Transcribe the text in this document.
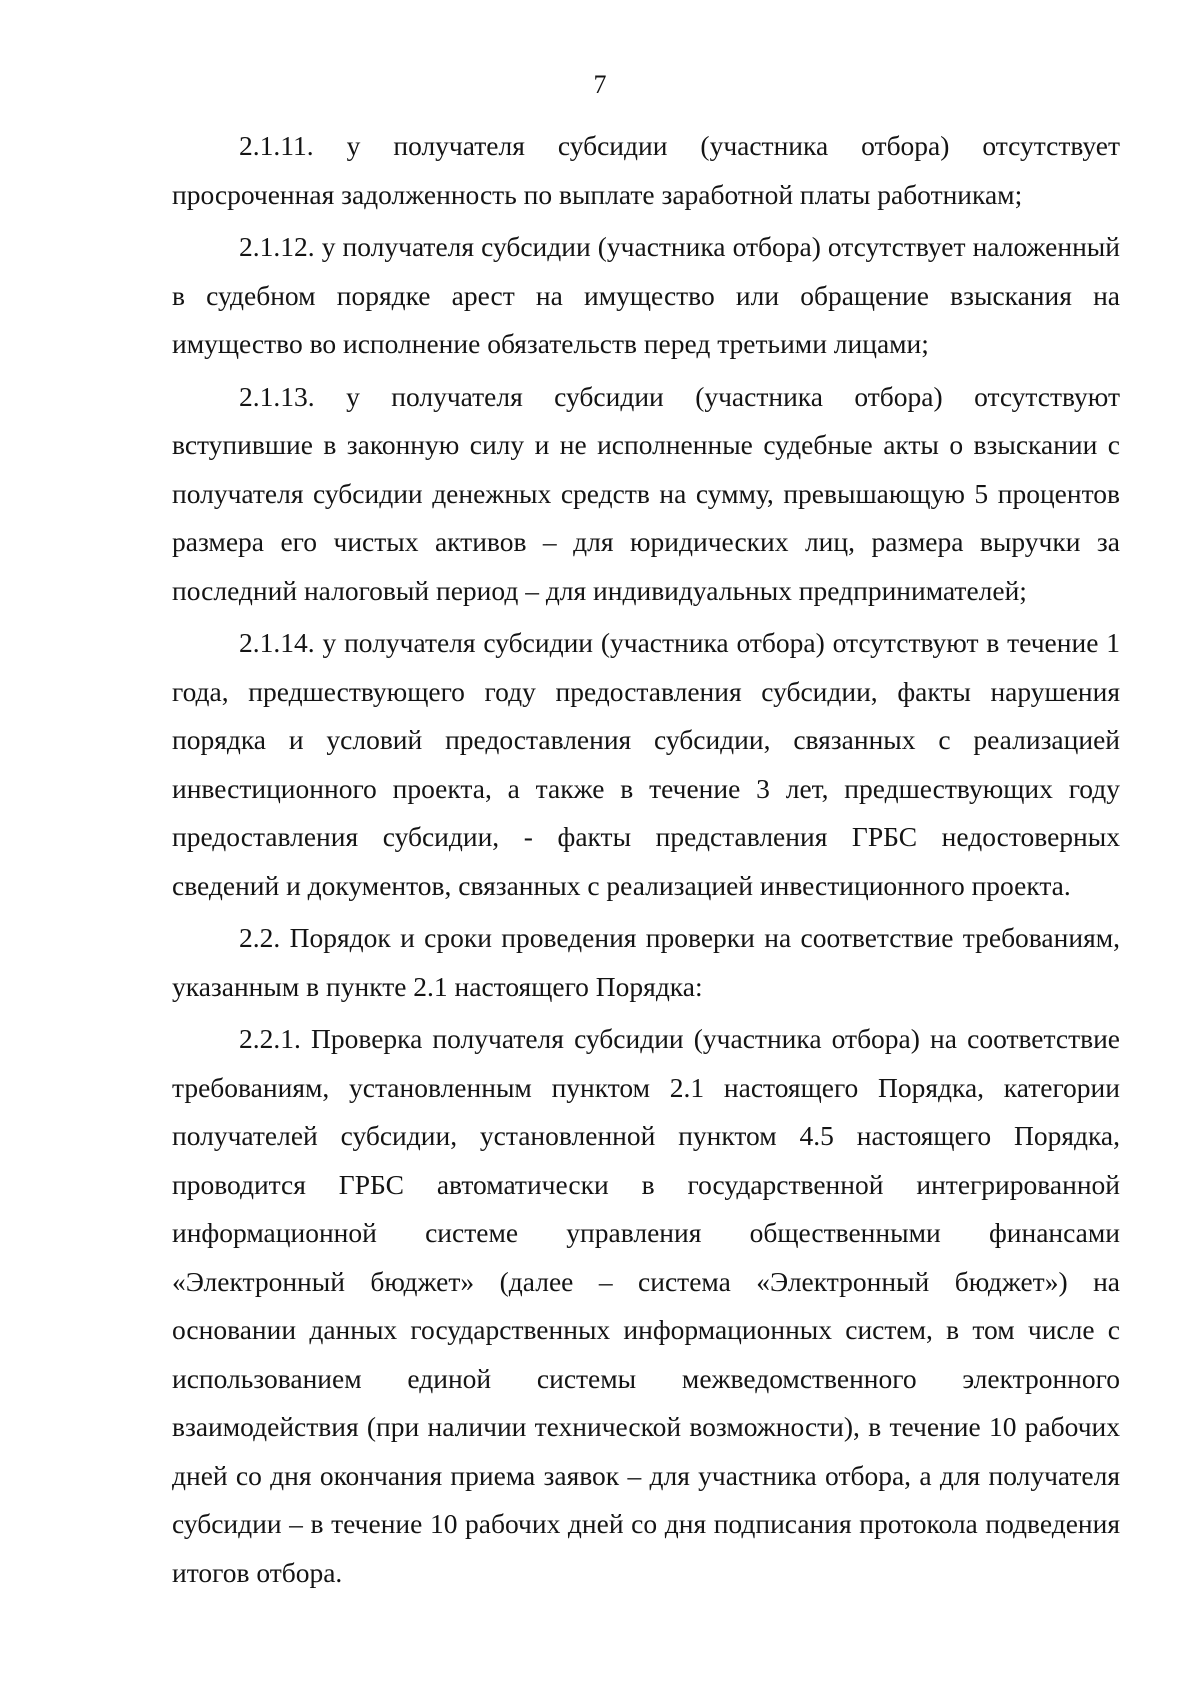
7

2.1.11. у получателя субсидии (участника отбора) отсутствует просроченная задолженность по выплате заработной платы работникам;

2.1.12. у получателя субсидии (участника отбора) отсутствует наложенный в судебном порядке арест на имущество или обращение взыскания на имущество во исполнение обязательств перед третьими лицами;

2.1.13. у получателя субсидии (участника отбора) отсутствуют вступившие в законную силу и не исполненные судебные акты о взыскании с получателя субсидии денежных средств на сумму, превышающую 5 процентов размера его чистых активов – для юридических лиц, размера выручки за последний налоговый период – для индивидуальных предпринимателей;

2.1.14. у получателя субсидии (участника отбора) отсутствуют в течение 1 года, предшествующего году предоставления субсидии, факты нарушения порядка и условий предоставления субсидии, связанных с реализацией инвестиционного проекта, а также в течение 3 лет, предшествующих году предоставления субсидии, - факты представления ГРБС недостоверных сведений и документов, связанных с реализацией инвестиционного проекта.

2.2. Порядок и сроки проведения проверки на соответствие требованиям, указанным в пункте 2.1 настоящего Порядка:

2.2.1. Проверка получателя субсидии (участника отбора) на соответствие требованиям, установленным пунктом 2.1 настоящего Порядка, категории получателей субсидии, установленной пунктом 4.5 настоящего Порядка, проводится ГРБС автоматически в государственной интегрированной информационной системе управления общественными финансами «Электронный бюджет» (далее – система «Электронный бюджет») на основании данных государственных информационных систем, в том числе с использованием единой системы межведомственного электронного взаимодействия (при наличии технической возможности), в течение 10 рабочих дней со дня окончания приема заявок – для участника отбора, а для получателя субсидии – в течение 10 рабочих дней со дня подписания протокола подведения итогов отбора.
